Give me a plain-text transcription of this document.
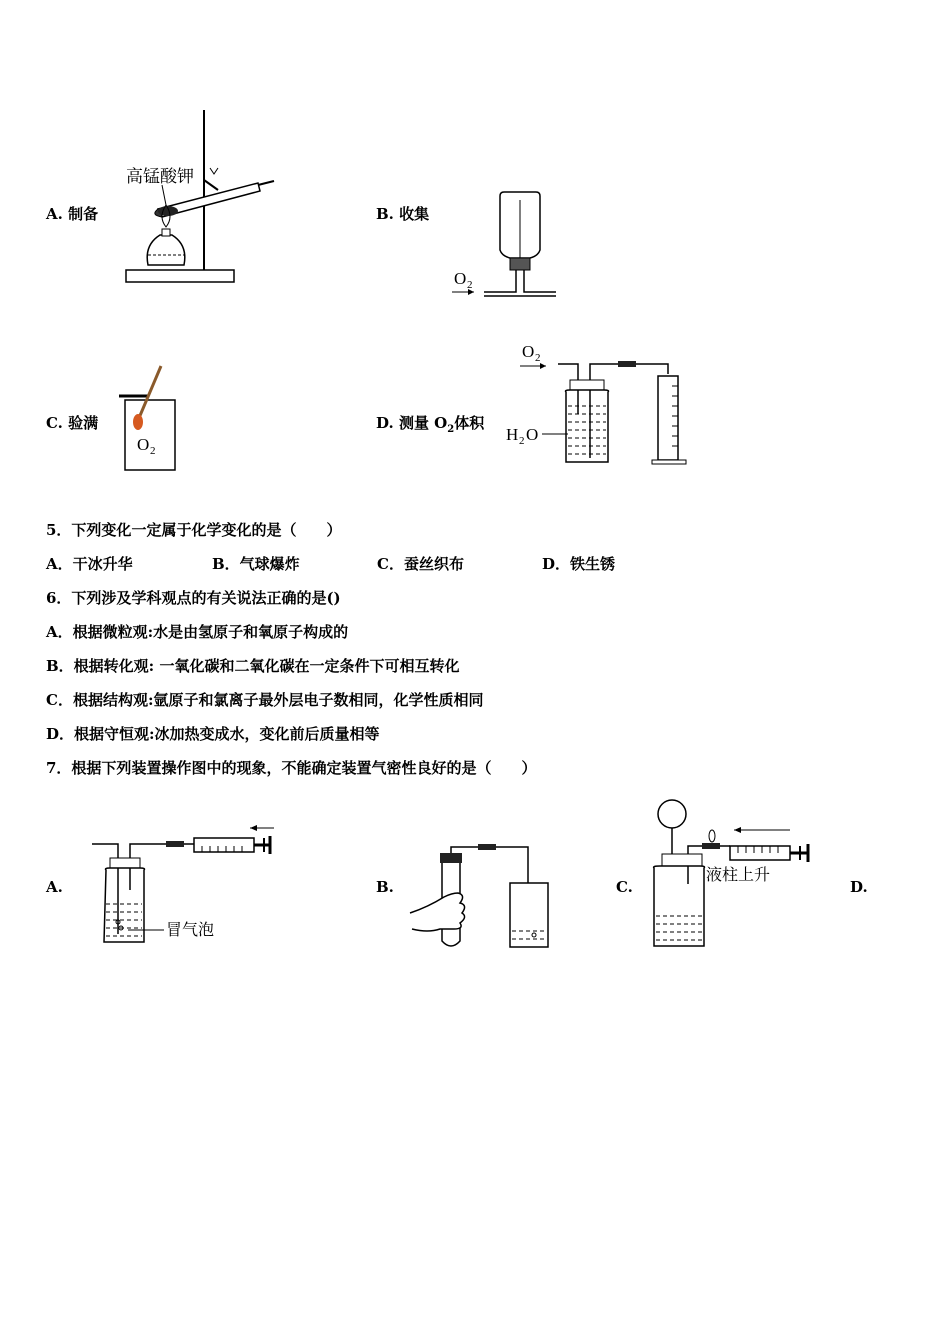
A. 制备
高锰酸钾
B. 收集
O 2
C. 验满
O 2
D. 测量 $O_2$体积
O 2
H 2 O
5．下列变化一定属于化学变化的是（　　）
A．干冰升华	B．气球爆炸	C．蚕丝织布	D．铁生锈
6．下列涉及学科观点的有关说法正确的是()
A．根据微粒观:水是由氢原子和氧原子构成的
B．根据转化观: 一氧化碳和二氧化碳在一定条件下可相互转化
C．根据结构观:氩原子和氯离子最外层电子数相同，化学性质相同
D．根据守恒观:冰加热变成水，变化前后质量相等
7．根据下列装置操作图中的现象，不能确定装置气密性良好的是（　　）
A.
冒气泡
B.	C.
液柱上升
D.
